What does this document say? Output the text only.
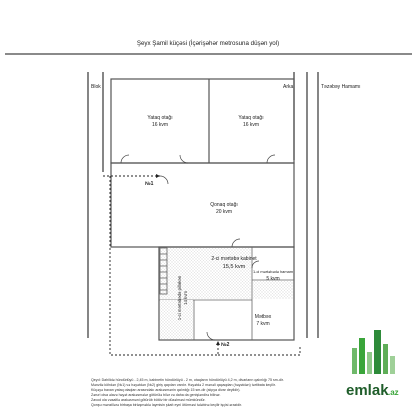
Şeyx Şamil küçəsi (İçərişəhər metrosuna düşən yol)
Blok	Arka	Təzəbəy Hamamı
Yataq otağı
16 kvm
Yataq otağı
16 kvm
Qonaq otağı
20 kvm
2-ci mərtəbə kabinet
15,5 kvm
1-ci mərtəbədə hamam
5 kvm
1-ci mərtəbədə pilləkən 14 kvm
Mətbəx
7 kvm
№1
№2
emlak .az
Qeyd: Dahilidə hündürlüyü - 2,45 m, kabinetin hündürlüyü - 2 m, otaqların hündürlüyü 4,2 m, divarların qalınlığı 75 sm-dir.
Mənzilə köhdən (№1) və həyətdən (№2) giriş qapıları vardır. Həyətdə 2 mənəli qaçaqdan (həyətdən) tərtibata keçilir.
Küçəyə baxan yataq otaqları arasındakı arakəsmənin qalınlığı 15 sm-dir (alçıya divar deyildir).
Zəruri olsa əlavə həyət arakəsmələr götürülə bilər və daha da genişləndirə bilinər.
Zavod ola vəsaitlə arakəsməni götürüb bütöv bir düzəlməsi mümkündür.
Qonşu mənzillərə birbaşa birləşməklə laymisin şkafı eyni ötürməsi tələbinə keçilir işçisi ərazidir.
